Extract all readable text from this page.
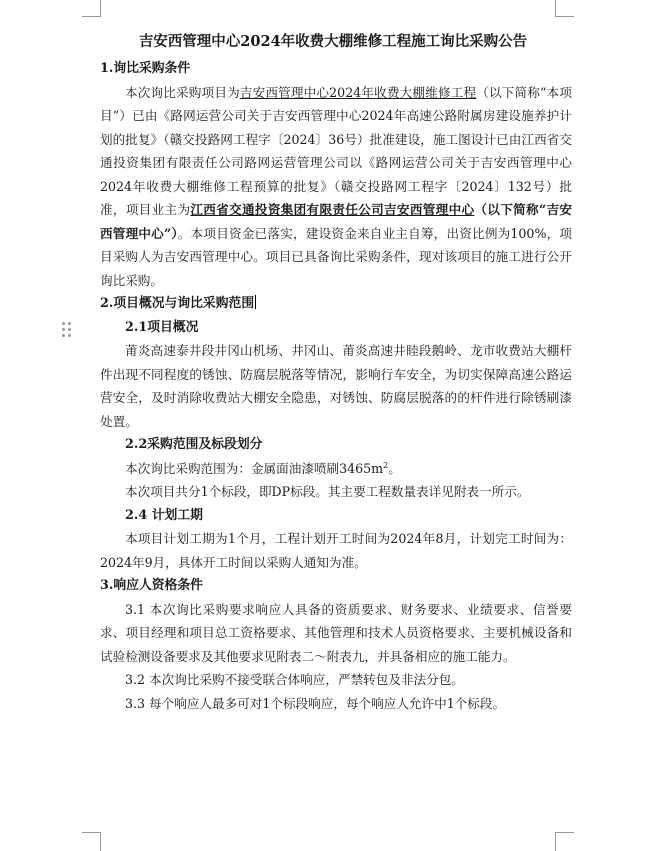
吉安西管理中心2024年收费大棚维修工程施工询比采购公告
1.询比采购条件

本次询比采购项目为吉安西管理中心2024年收费大棚维修工程（以下简称“本项目”）已由《路网运营公司关于吉安西管理中心2024年高速公路附属房建设施养护计划的批复》（赣交投路网工程字〔2024〕36号）批准建设，施工图设计已由江西省交通投资集团有限责任公司路网运营管理公司以《路网运营公司关于吉安西管理中心2024年收费大棚维修工程预算的批复》（赣交投路网工程字〔2024〕132号）批准，项目业主为江西省交通投资集团有限责任公司吉安西管理中心（以下简称“吉安西管理中心”）。本项目资金已落实，建设资金来自业主自筹，出资比例为100%，项目采购人为吉安西管理中心。项目已具备询比采购条件，现对该项目的施工进行公开询比采购。

2.项目概况与询比采购范围
2.1项目概况

莆炎高速泰井段井冈山机场、井冈山、莆炎高速井睦段鹅岭、龙市收费站大棚杆件出现不同程度的锈蚀、防腐层脱落等情况，影响行车安全，为切实保障高速公路运营安全，及时消除收费站大棚安全隐患，对锈蚀、防腐层脱落的的杆件进行除锈刷漆处置。

2.2采购范围及标段划分

本次询比采购范围为：金属面油漆喷刷$3465m^2$。

本次项目共分1个标段，即DP标段。其主要工程数量表详见附表一所示。

2.4 计划工期

本项目计划工期为1个月，工程计划开工时间为2024年8月，计划完工时间为：2024年9月，具体开工时间以采购人通知为准。

3.响应人资格条件

3.1 本次询比采购要求响应人具备的资质要求、财务要求、业绩要求、信誉要求、项目经理和项目总工资格要求、其他管理和技术人员资格要求、主要机械设备和试验检测设备要求及其他要求见附表二～附表九，并具备相应的施工能力。

3.2 本次询比采购不接受联合体响应，严禁转包及非法分包。

3.3 每个响应人最多可对1个标段响应，每个响应人允许中1个标段。
